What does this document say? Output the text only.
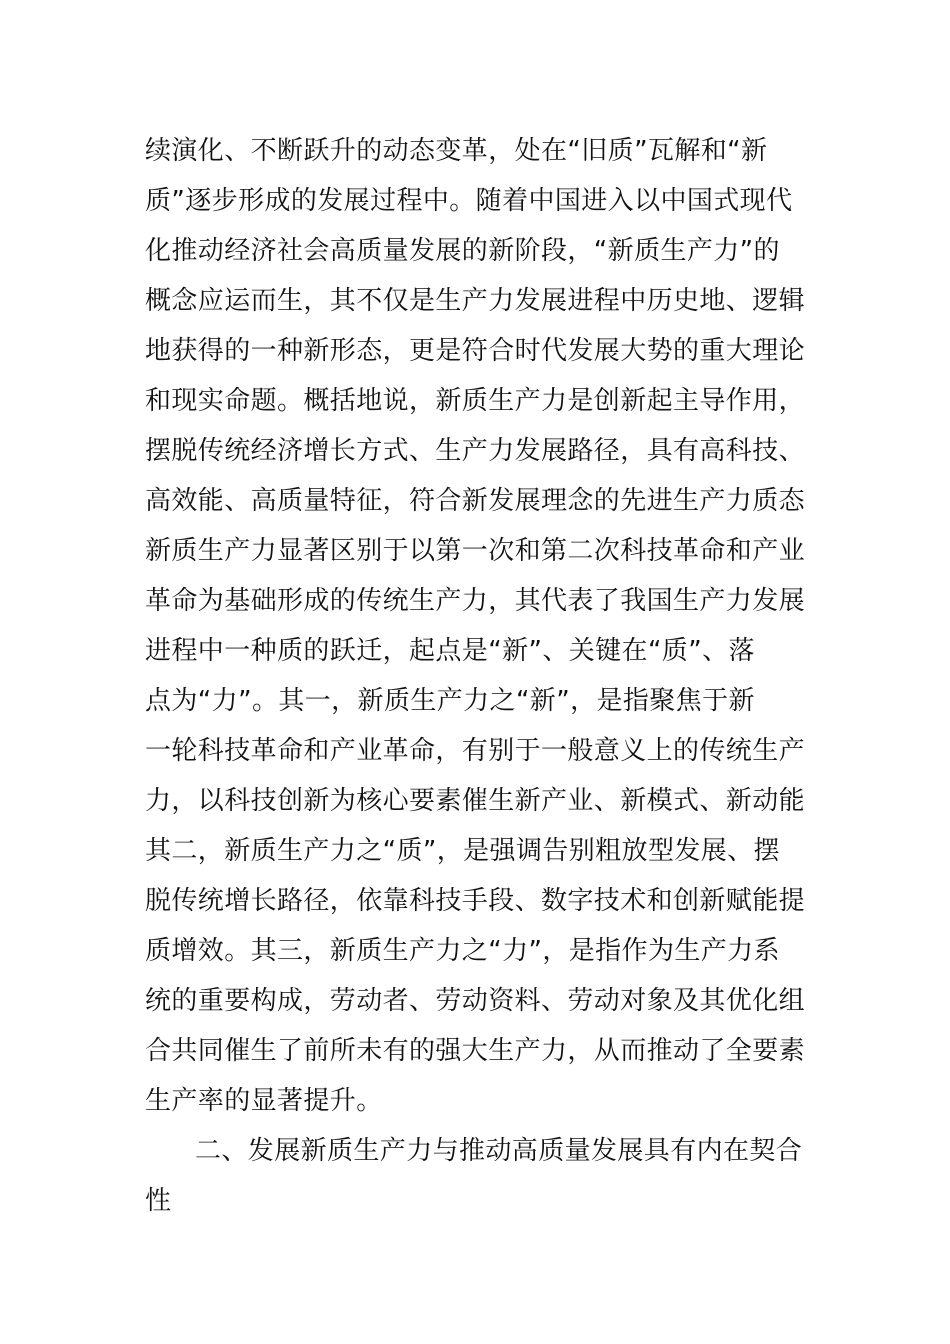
续演化、不断跃升的动态变革，处在“旧质”瓦解和“新
质”逐步形成的发展过程中。随着中国进入以中国式现代
化推动经济社会高质量发展的新阶段，“新质生产力”的
概念应运而生，其不仅是生产力发展进程中历史地、逻辑
地获得的一种新形态，更是符合时代发展大势的重大理论
和现实命题。概括地说，新质生产力是创新起主导作用，
摆脱传统经济增长方式、生产力发展路径，具有高科技、
高效能、高质量特征，符合新发展理念的先进生产力质态
新质生产力显著区别于以第一次和第二次科技革命和产业
革命为基础形成的传统生产力，其代表了我国生产力发展
进程中一种质的跃迁，起点是“新”、关键在“质”、落
点为“力”。其一，新质生产力之“新”，是指聚焦于新
一轮科技革命和产业革命，有别于一般意义上的传统生产
力，以科技创新为核心要素催生新产业、新模式、新动能
其二，新质生产力之“质”，是强调告别粗放型发展、摆
脱传统增长路径，依靠科技手段、数字技术和创新赋能提
质增效。其三，新质生产力之“力”，是指作为生产力系
统的重要构成，劳动者、劳动资料、劳动对象及其优化组
合共同催生了前所未有的强大生产力，从而推动了全要素
生产率的显著提升。
二、发展新质生产力与推动高质量发展具有内在契合
性
